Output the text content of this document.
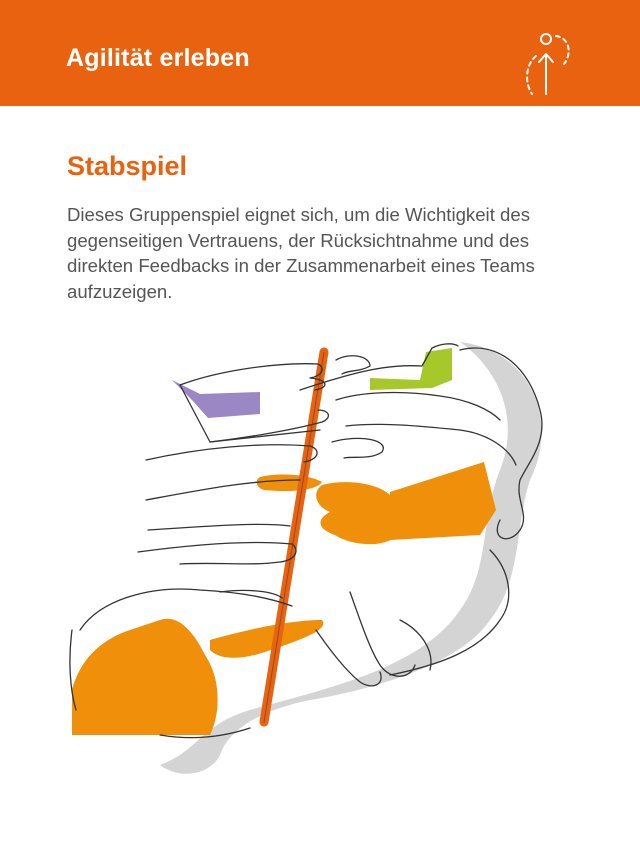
Agilität erleben
Stabspiel

Dieses Gruppenspiel eignet sich, um die Wichtigkeit des gegenseitigen Vertrauens, der Rücksichtnahme und des direkten Feedbacks in der Zusammenarbeit eines Teams aufzuzeigen.
